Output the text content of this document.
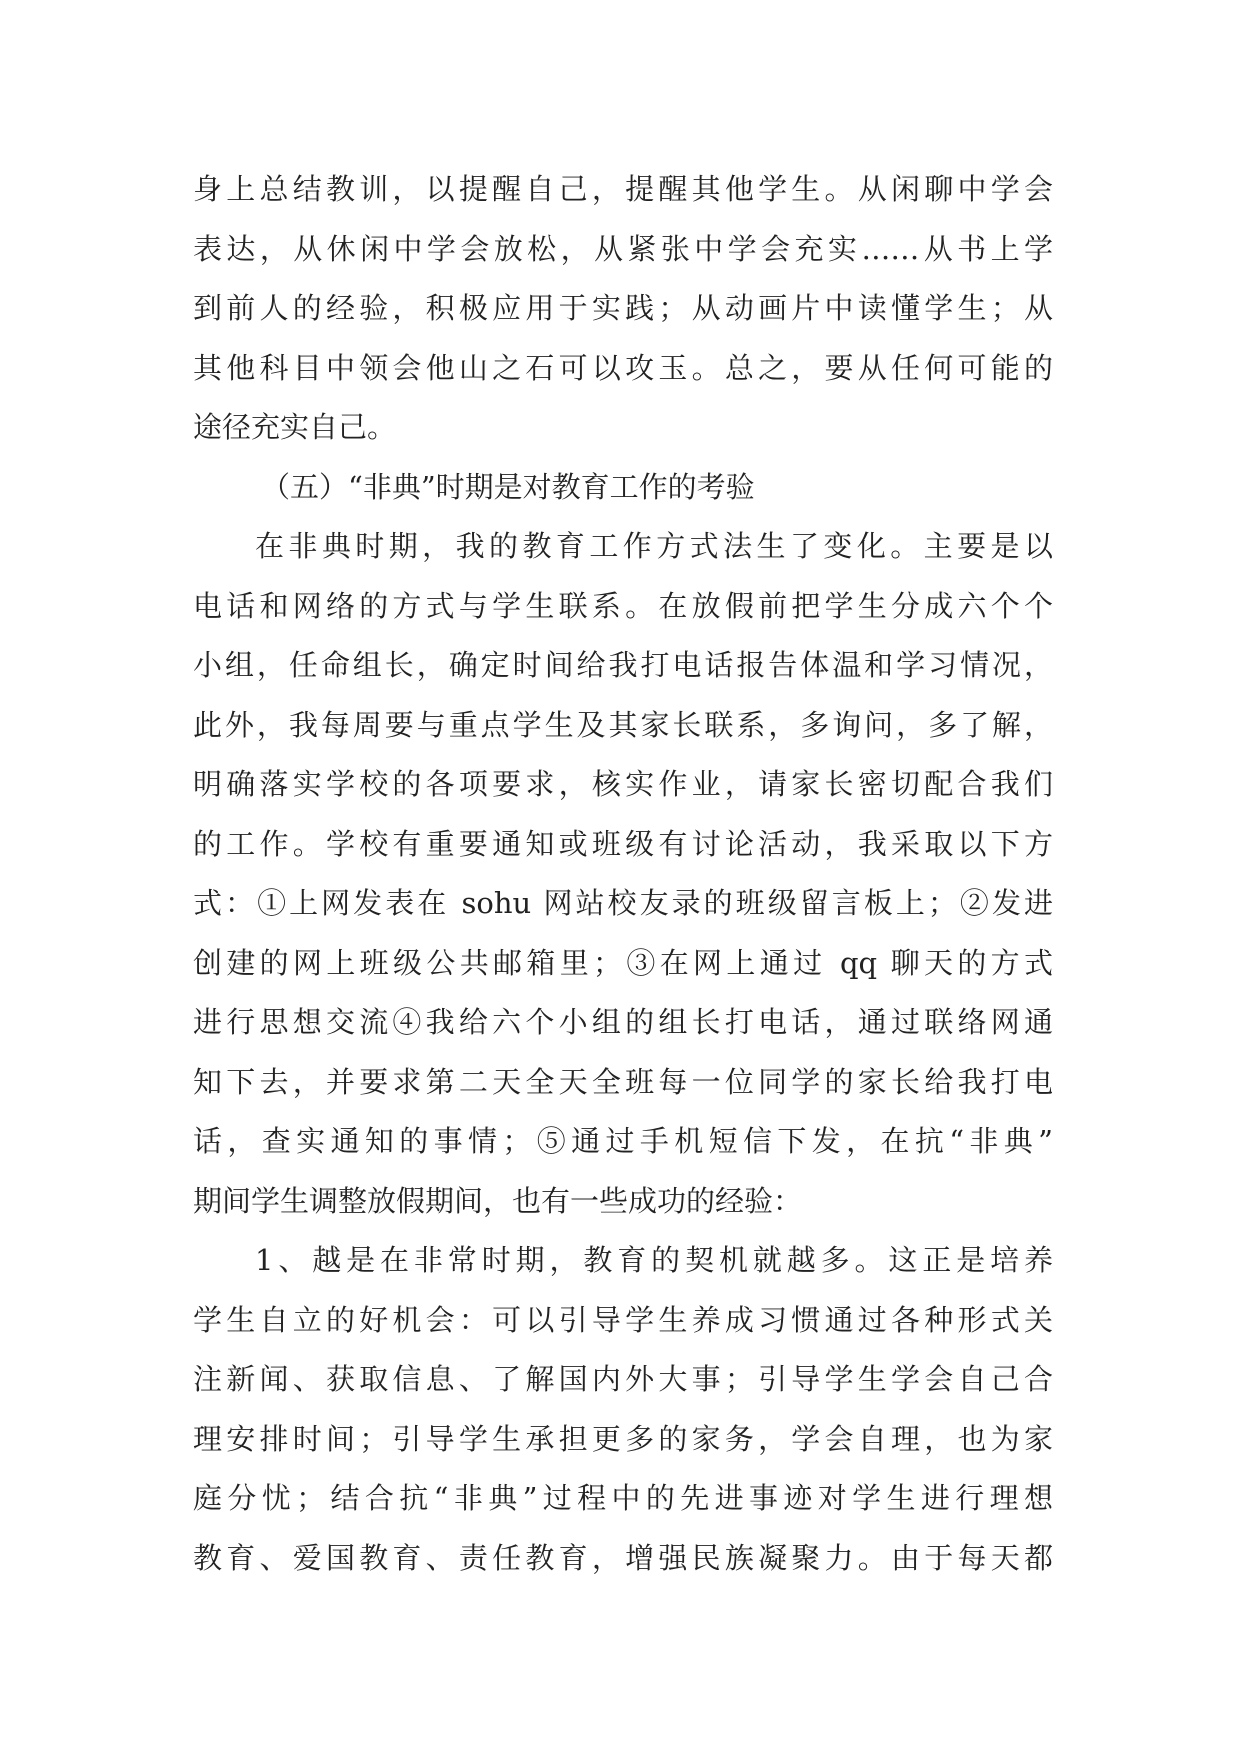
身上总结教训，以提醒自己，提醒其他学生。从闲聊中学会
表达，从休闲中学会放松，从紧张中学会充实……从书上学
到前人的经验，积极应用于实践；从动画片中读懂学生；从
其他科目中领会他山之石可以攻玉。总之，要从任何可能的
途径充实自己。
（五）“非典”时期是对教育工作的考验
在非典时期，我的教育工作方式法生了变化。主要是以
电话和网络的方式与学生联系。在放假前把学生分成六个个
小组，任命组长，确定时间给我打电话报告体温和学习情况，
此外，我每周要与重点学生及其家长联系，多询问，多了解，
明确落实学校的各项要求，核实作业，请家长密切配合我们
的工作。学校有重要通知或班级有讨论活动，我采取以下方
式：①上网发表在 sohu 网站校友录的班级留言板上；②发进
创建的网上班级公共邮箱里；③在网上通过 qq 聊天的方式
进行思想交流④我给六个小组的组长打电话，通过联络网通
知下去，并要求第二天全天全班每一位同学的家长给我打电
话，查实通知的事情；⑤通过手机短信下发，在抗“非典”
期间学生调整放假期间，也有一些成功的经验：
1、越是在非常时期，教育的契机就越多。这正是培养
学生自立的好机会：可以引导学生养成习惯通过各种形式关
注新闻、获取信息、了解国内外大事；引导学生学会自己合
理安排时间；引导学生承担更多的家务，学会自理，也为家
庭分忧；结合抗“非典”过程中的先进事迹对学生进行理想
教育、爱国教育、责任教育，增强民族凝聚力。由于每天都
